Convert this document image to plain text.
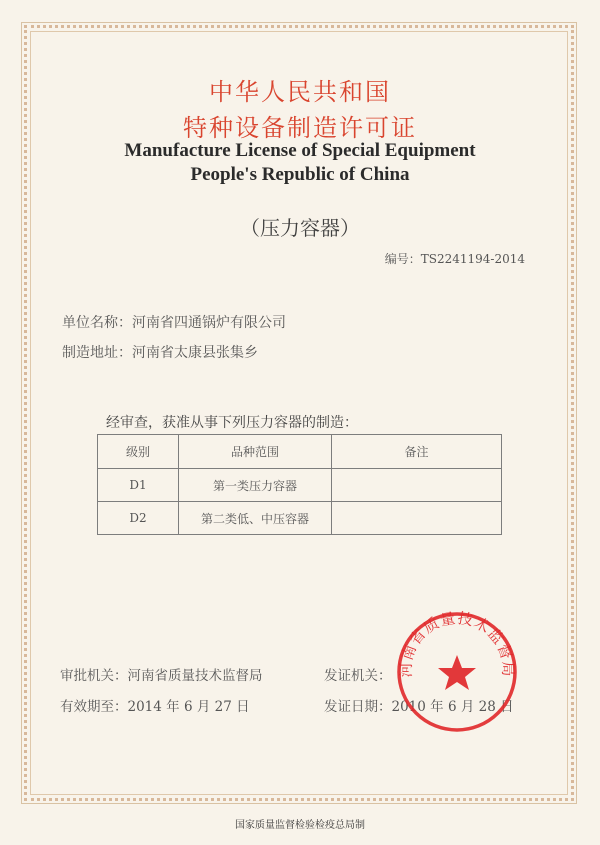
中华人民共和国
特种设备制造许可证
Manufacture License of Special Equipment
People's Republic of China
（压力容器）
编号：TS2241194-2014
单位名称：河南省四通锅炉有限公司
制造地址：河南省太康县张集乡
经审查，获准从事下列压力容器的制造：
级别	品种范围	备注
D1	第一类压力容器	
D2	第二类低、中压容器	
审批机关：河南省质量技术监督局
有效期至：2014 年 6 月 27 日
发证机关：
发证日期：2010 年 6 月 28 日
河南省质量技术监督局
国家质量监督检验检疫总局制
